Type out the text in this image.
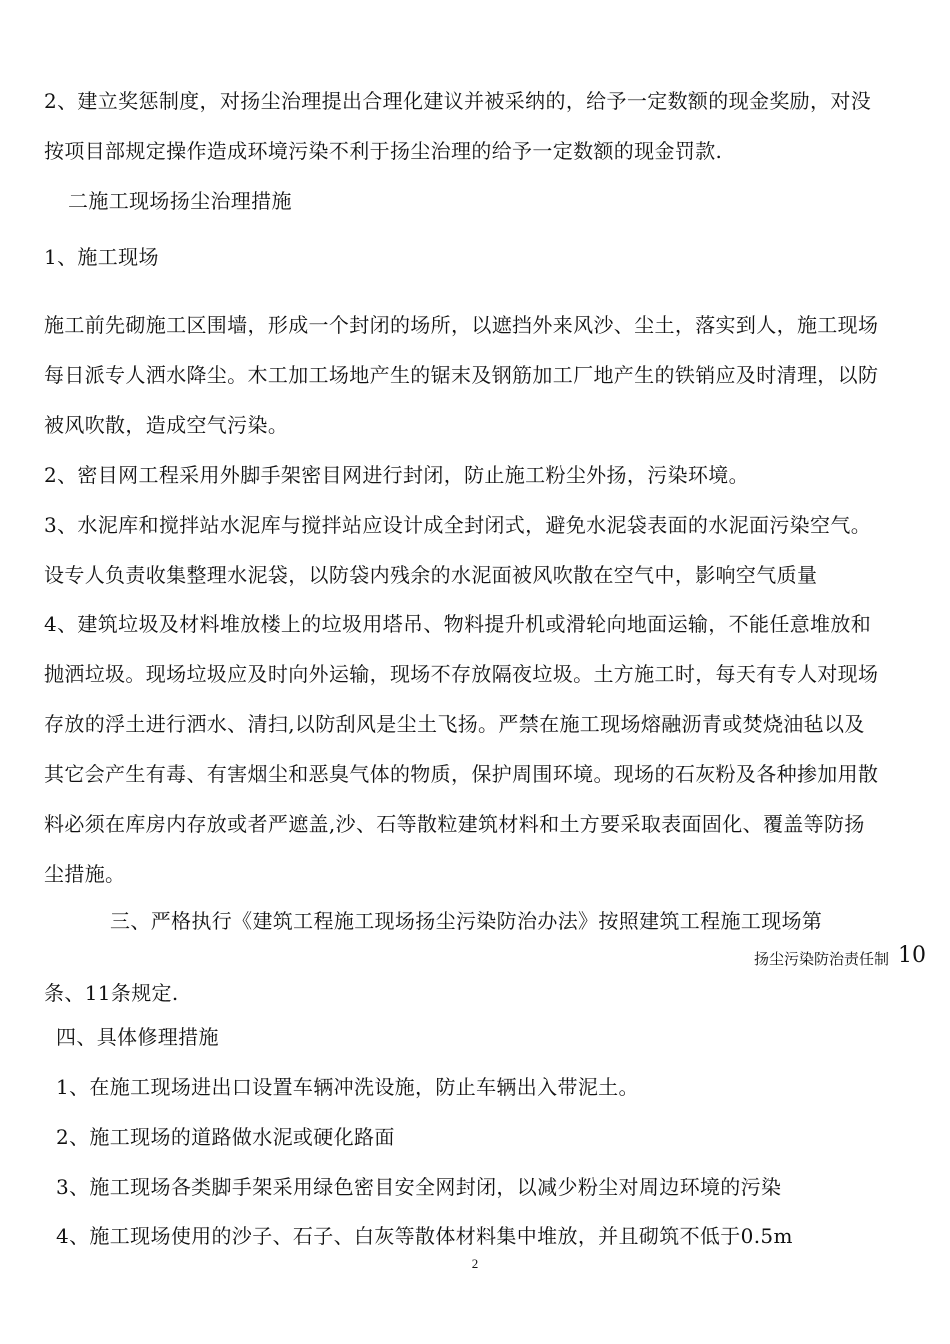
2、建立奖惩制度，对扬尘治理提出合理化建议并被采纳的，给予一定数额的现金奖励，对没
按项目部规定操作造成环境污染不利于扬尘治理的给予一定数额的现金罚款.
二施工现场扬尘治理措施
1、施工现场
施工前先砌施工区围墙，形成一个封闭的场所，以遮挡外来风沙、尘土，落实到人，施工现场
每日派专人洒水降尘。木工加工场地产生的锯末及钢筋加工厂地产生的铁销应及时清理，以防
被风吹散，造成空气污染。
2、密目网工程采用外脚手架密目网进行封闭，防止施工粉尘外扬，污染环境。
3、水泥库和搅拌站水泥库与搅拌站应设计成全封闭式，避免水泥袋表面的水泥面污染空气。
设专人负责收集整理水泥袋，以防袋内残余的水泥面被风吹散在空气中，影响空气质量
4、建筑垃圾及材料堆放楼上的垃圾用塔吊、物料提升机或滑轮向地面运输，不能任意堆放和
抛洒垃圾。现场垃圾应及时向外运输，现场不存放隔夜垃圾。土方施工时，每天有专人对现场
存放的浮土进行洒水、清扫,以防刮风是尘土飞扬。严禁在施工现场熔融沥青或焚烧油毡以及
其它会产生有毒、有害烟尘和恶臭气体的物质，保护周围环境。现场的石灰粉及各种掺加用散
料必须在库房内存放或者严遮盖,沙、石等散粒建筑材料和土方要采取表面固化、覆盖等防扬
尘措施。
三、严格执行《建筑工程施工现场扬尘污染防治办法》按照建筑工程施工现场第
扬尘污染防治责任制 10
条、11条规定.
四、具体修理措施
1、在施工现场进出口设置车辆冲洗设施，防止车辆出入带泥土。
2、施工现场的道路做水泥或硬化路面
3、施工现场各类脚手架采用绿色密目安全网封闭，以减少粉尘对周边环境的污染
4、施工现场使用的沙子、石子、白灰等散体材料集中堆放，并且砌筑不低于0.5m
2
